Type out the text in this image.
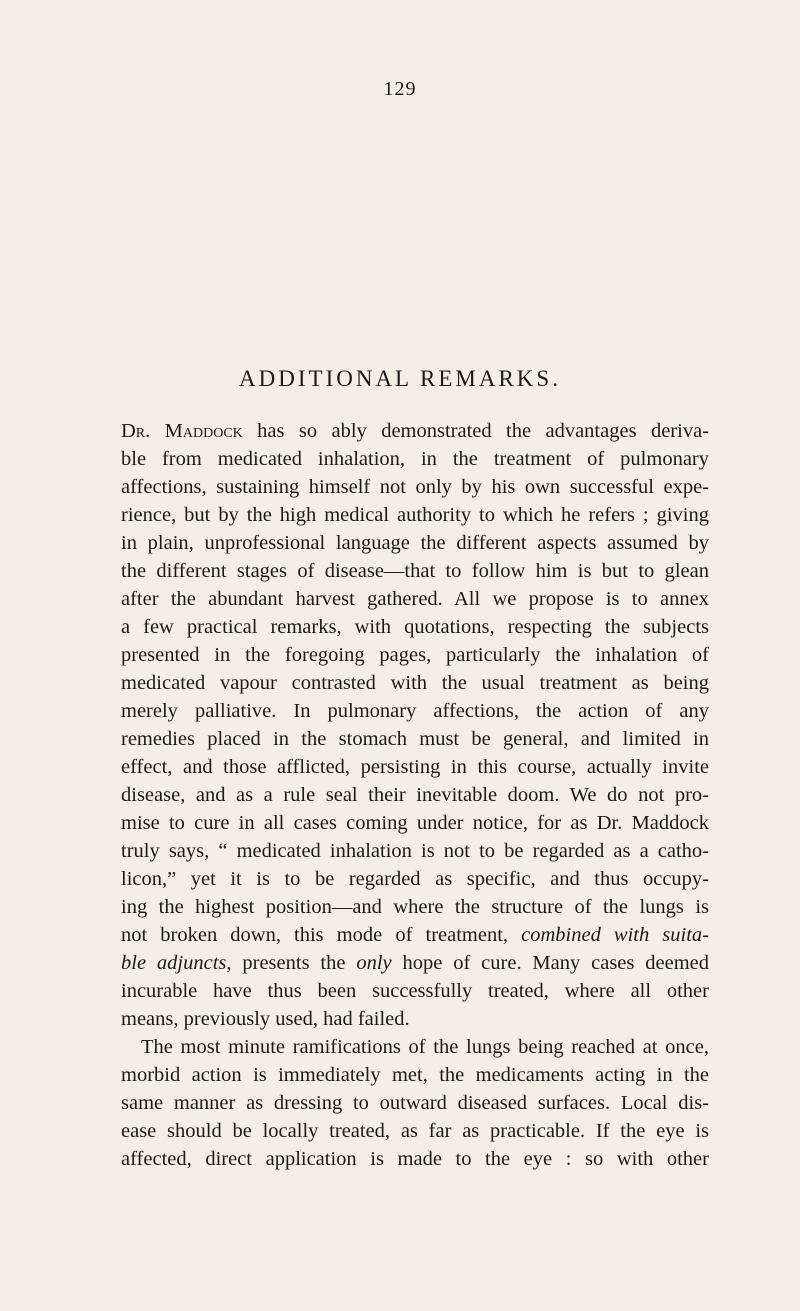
129
ADDITIONAL REMARKS.
Dr. Maddock has so ably demonstrated the advantages deriva-
ble from medicated inhalation, in the treatment of pulmonary
affections, sustaining himself not only by his own successful expe-
rience, but by the high medical authority to which he refers ; giving
in plain, unprofessional language the different aspects assumed by
the different stages of disease—that to follow him is but to glean
after the abundant harvest gathered. All we propose is to annex
a few practical remarks, with quotations, respecting the subjects
presented in the foregoing pages, particularly the inhalation of
medicated vapour contrasted with the usual treatment as being
merely palliative. In pulmonary affections, the action of any
remedies placed in the stomach must be general, and limited in
effect, and those afflicted, persisting in this course, actually invite
disease, and as a rule seal their inevitable doom. We do not pro-
mise to cure in all cases coming under notice, for as Dr. Maddock
truly says, “ medicated inhalation is not to be regarded as a catho-
licon,” yet it is to be regarded as specific, and thus occupy-
ing the highest position—and where the structure of the lungs is
not broken down, this mode of treatment, combined with suita-
ble adjuncts, presents the only hope of cure. Many cases deemed
incurable have thus been successfully treated, where all other
means, previously used, had failed.
The most minute ramifications of the lungs being reached at once,
morbid action is immediately met, the medicaments acting in the
same manner as dressing to outward diseased surfaces. Local dis-
ease should be locally treated, as far as practicable. If the eye is
affected, direct application is made to the eye : so with other
